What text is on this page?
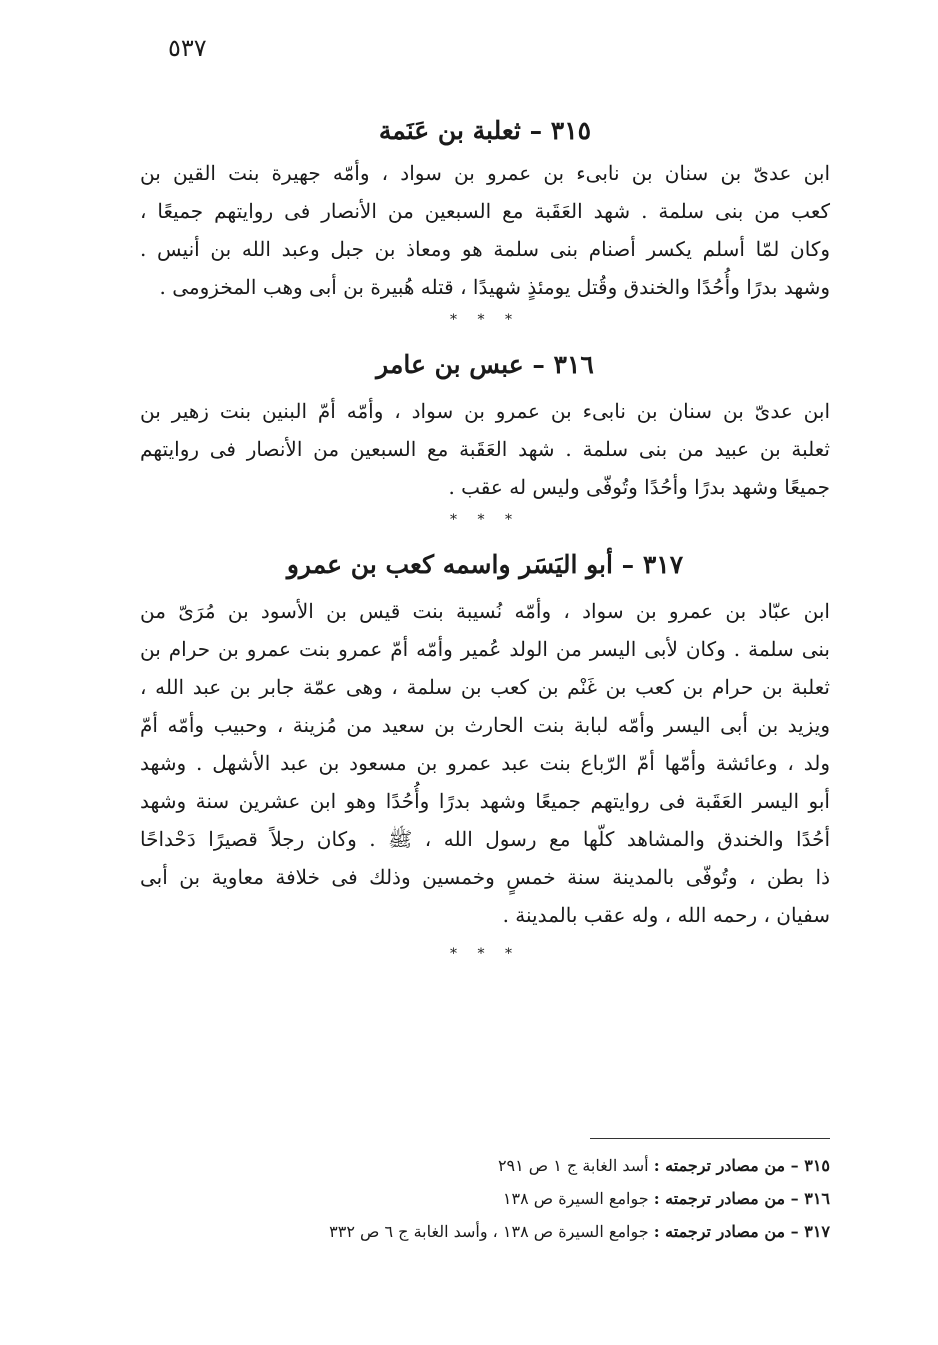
٥٣٧
٣١٥ – ثعلبة بن عَنَمة
ابن عدىّ بن سنان بن نابىء بن عمرو بن سواد ، وأمّه جهيرة بنت القين بن
كعب من بنى سلمة . شهد العَقَبة مع السبعين من الأنصار فى روايتهم جميعًا ،
وكان لمّا أسلم يكسر أصنام بنى سلمة هو ومعاذ بن جبل وعبد الله بن أنيس .
وشهد بدرًا وأُحُدًا والخندق وقُتل يومئذٍ شهيدًا ، قتله هُبيرة بن أبى وهب المخزومى .
* * *
٣١٦ – عبس بن عامر
ابن عدىّ بن سنان بن نابىء بن عمرو بن سواد ، وأمّه أمّ البنين بنت زهير بن
ثعلبة بن عبيد من بنى سلمة . شهد العَقَبة مع السبعين من الأنصار فى روايتهم
جميعًا وشهد بدرًا وأحُدًا وتُوفّى وليس له عقب .
* * *
٣١٧ – أبو اليَسَر واسمه كعب بن عمرو
ابن عبّاد بن عمرو بن سواد ، وأمّه نُسيبة بنت قيس بن الأسود بن مُرَىّ من
بنى سلمة . وكان لأبى اليسر من الولد عُمير وأمّه أمّ عمرو بنت عمرو بن حرام بن
ثعلبة بن حرام بن كعب بن غَنْم بن كعب بن سلمة ، وهى عمّة جابر بن عبد الله ،
ويزيد بن أبى اليسر وأمّه لبابة بنت الحارث بن سعيد من مُزينة ، وحبيب وأمّه أمّ
ولد ، وعائشة وأمّها أمّ الرّباع بنت عبد عمرو بن مسعود بن عبد الأشهل . وشهد
أبو اليسر العَقَبة فى روايتهم جميعًا وشهد بدرًا وأُحُدًا وهو ابن عشرين سنة وشهد
أحُدًا والخندق والمشاهد كلّها مع رسول الله ، ﷺ . وكان رجلاً قصيرًا دَحْداحًا
ذا بطن ، وتُوفّى بالمدينة سنة خمسٍ وخمسين وذلك فى خلافة معاوية بن أبى
سفيان ، رحمه الله ، وله عقب بالمدينة .
* * *
٣١٥ – من مصادر ترجمته : أسد الغابة ج ١ ص ٢٩١
٣١٦ – من مصادر ترجمته : جوامع السيرة ص ١٣٨
٣١٧ – من مصادر ترجمته : جوامع السيرة ص ١٣٨ ، وأسد الغابة ج ٦ ص ٣٣٢
